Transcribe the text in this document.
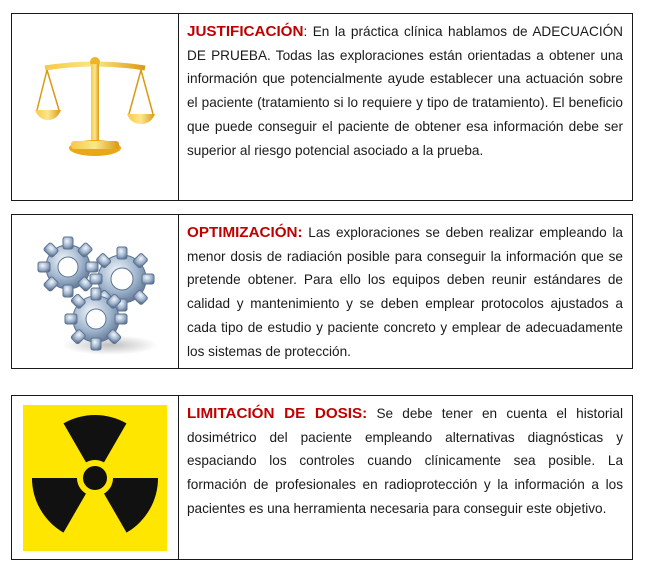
JUSTIFICACIÓN: En la práctica clínica hablamos de ADECUACIÓN DE PRUEBA. Todas las exploraciones están orientadas a obtener una información que potencialmente ayude establecer una actuación sobre el paciente (tratamiento si lo requiere y tipo de tratamiento). El beneficio que puede conseguir el paciente de obtener esa información debe ser superior al riesgo potencial asociado a la prueba.

OPTIMIZACIÓN: Las exploraciones se deben realizar empleando la menor dosis de radiación posible para conseguir la información que se pretende obtener. Para ello los equipos deben reunir estándares de calidad y mantenimiento y se deben emplear protocolos ajustados a cada tipo de estudio y paciente concreto y emplear de adecuadamente los sistemas de protección.

LIMITACIÓN DE DOSIS: Se debe tener en cuenta el historial dosimétrico del paciente empleando alternativas diagnósticas y espaciando los controles cuando clínicamente sea posible. La formación de profesionales en radioprotección y la información a los pacientes es una herramienta necesaria para conseguir este objetivo.
